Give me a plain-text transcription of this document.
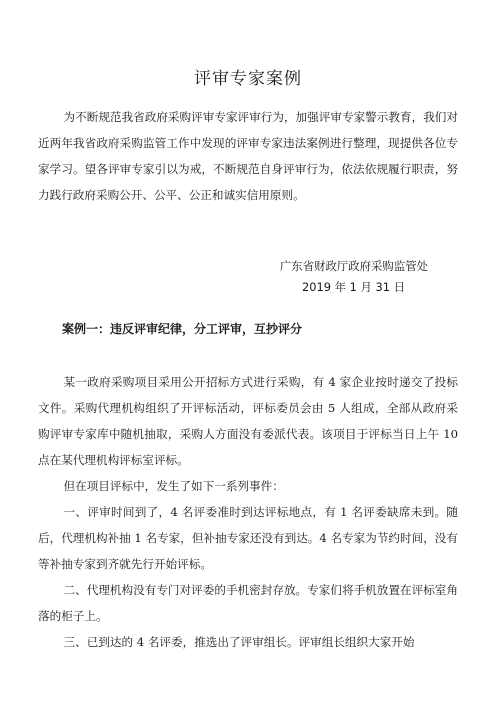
评审专家案例

为不断规范我省政府采购评审专家评审行为，加强评审专家警示教育，我们对近两年我省政府采购监管工作中发现的评审专家违法案例进行整理，现提供各位专家学习。望各评审专家引以为戒，不断规范自身评审行为，依法依规履行职责，努力践行政府采购公开、公平、公正和诚实信用原则。

广东省财政厅政府采购监管处
2019 年 1 月 31 日
案例一：违反评审纪律，分工评审，互抄评分

某一政府采购项目采用公开招标方式进行采购，有 4 家企业按时递交了投标文件。采购代理机构组织了开评标活动，评标委员会由 5 人组成，全部从政府采购评审专家库中随机抽取，采购人方面没有委派代表。该项目于评标当日上午 10 点在某代理机构评标室评标。

但在项目评标中，发生了如下一系列事件：

一、评审时间到了，4 名评委准时到达评标地点，有 1 名评委缺席未到。随后，代理机构补抽 1 名专家，但补抽专家还没有到达。4 名专家为节约时间，没有等补抽专家到齐就先行开始评标。

二、代理机构没有专门对评委的手机密封存放。专家们将手机放置在评标室角落的柜子上。

三、已到达的 4 名评委，推选出了评审组长。评审组长组织大家开始
